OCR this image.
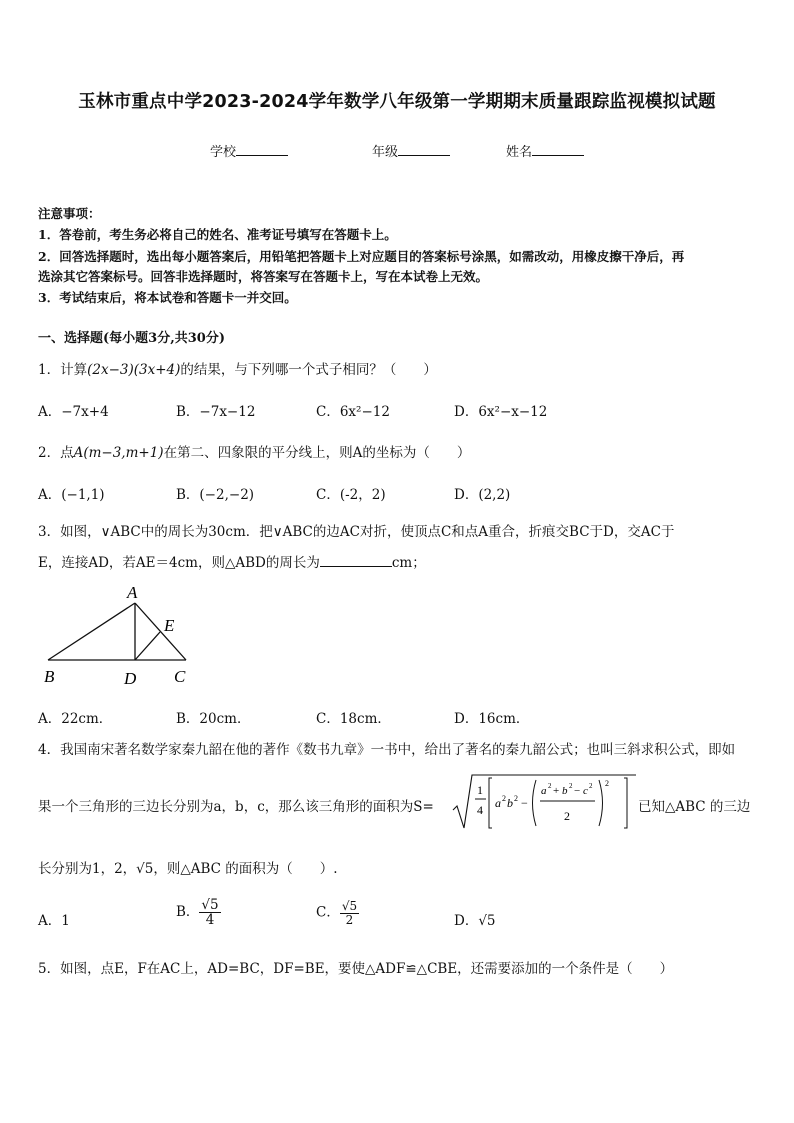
玉林市重点中学2023-2024学年数学八年级第一学期期末质量跟踪监视模拟试题
学校	年级	姓名
注意事项：
1．答卷前，考生务必将自己的姓名、准考证号填写在答题卡上。
2．回答选择题时，选出每小题答案后，用铅笔把答题卡上对应题目的答案标号涂黑，如需改动，用橡皮擦干净后，再
选涂其它答案标号。回答非选择题时，将答案写在答题卡上，写在本试卷上无效。
3．考试结束后，将本试卷和答题卡一并交回。
一、选择题(每小题3分,共30分)
1．计算(2x−3)(3x+4)的结果，与下列哪一个式子相同？（　　）
A．−7x+4	B．−7x−12	C．6x²−12	D．6x²−x−12
2．点A(m−3,m+1)在第二、四象限的平分线上，则A的坐标为（　　）
A．(−1,1)	B．(−2,−2)	C．(-2，2)	D．(2,2)
3．如图，∨ABC中的周长为30cm．把∨ABC的边AC对折，使顶点C和点A重合，折痕交BC于D，交AC于
E，连接AD，若AE＝4cm，则△ABD的周长为	cm；
A
E
B	D C
A．22cm．	B．20cm．	C．18cm．	D．16cm．
4．我国南宋著名数学家秦九韶在他的著作《数书九章》一书中，给出了著名的秦九韶公式；也叫三斜求积公式，即如
果一个三角形的三边长分别为a，b，c，那么该三角形的面积为S=
1
4 a 2 b 2 −
a 2 + b 2 − c 2
2
2
已知△ABC 的三边
长分别为1，2，√5，则△ABC 的面积为（　　）.
A．1
B． $\frac{√5}{4}$	C． $\frac{√5}{2}$	D．√5
5．如图，点E，F在AC上，AD=BC，DF=BE，要使△ADF≌△CBE，还需要添加的一个条件是（　　）
